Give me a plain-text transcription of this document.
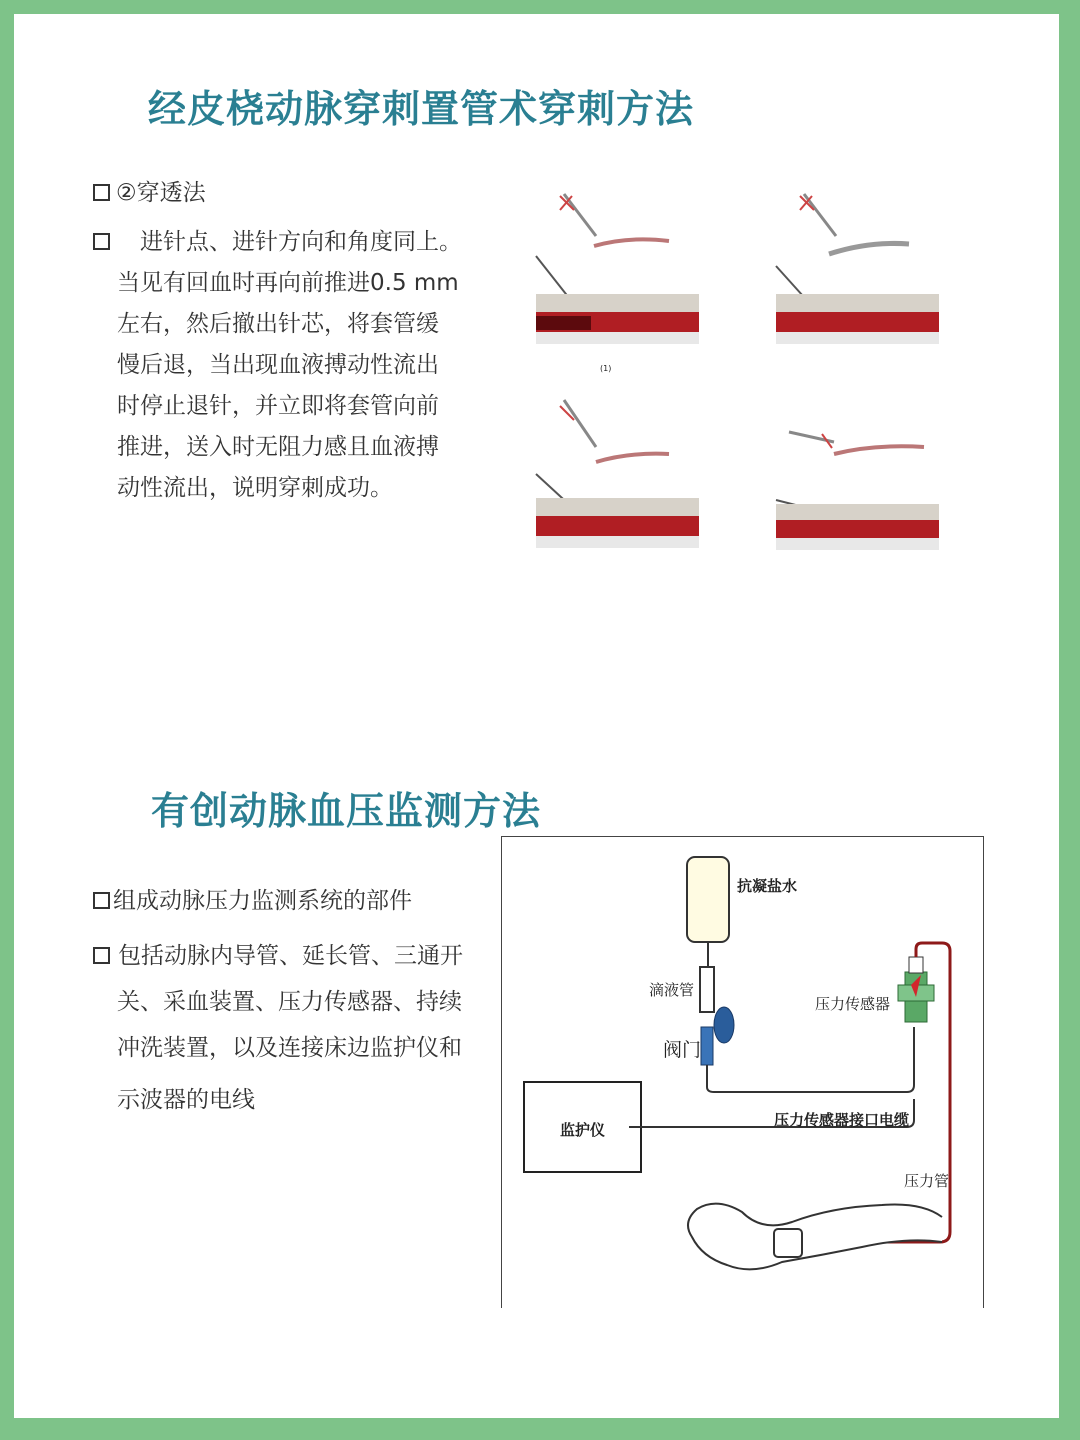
经皮桡动脉穿刺置管术穿刺方法
②穿透法
进针点、进针方向和角度同上。
当见有回血时再向前推进0.5 mm
左右，然后撤出针芯，将套管缓
慢后退，当出现血液搏动性流出
时停止退针，并立即将套管向前
推进，送入时无阻力感且血液搏
动性流出，说明穿刺成功。
(1)
有创动脉血压监测方法
组成动脉压力监测系统的部件
包括动脉内导管、延长管、三通开
关、采血装置、压力传感器、持续
冲洗装置，以及连接床边监护仪和
示波器的电线
抗凝盐水
滴液管
阀门
压力传感器
监护仪
压力传感器接口电缆
压力管
